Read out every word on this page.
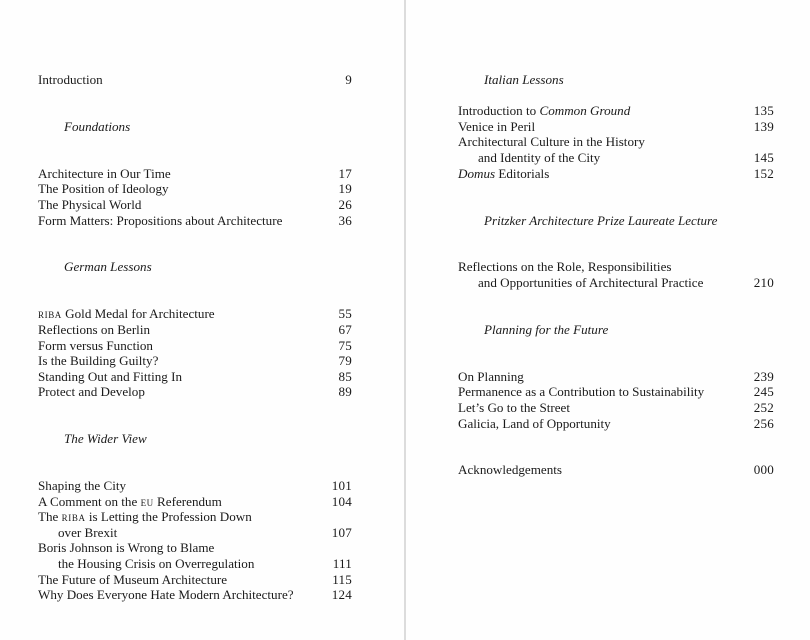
Introduction	9
Foundations
Architecture in Our Time	17
The Position of Ideology	19
The Physical World	26
Form Matters: Propositions about Architecture	36
German Lessons
riba Gold Medal for Architecture	55
Reflections on Berlin	67
Form versus Function	75
Is the Building Guilty?	79
Standing Out and Fitting In	85
Protect and Develop	89
The Wider View
Shaping the City	101
A Comment on the eu Referendum	104
The riba is Letting the Profession Down
over Brexit	107
Boris Johnson is Wrong to Blame
the Housing Crisis on Overregulation	111
The Future of Museum Architecture	115
Why Does Everyone Hate Modern Architecture?	124
Italian Lessons
Introduction to Common Ground	135
Venice in Peril	139
Architectural Culture in the History
and Identity of the City	145
Domus Editorials	152
Pritzker Architecture Prize Laureate Lecture
Reflections on the Role, Responsibilities
and Opportunities of Architectural Practice	210
Planning for the Future
On Planning	239
Permanence as a Contribution to Sustainability	245
Let’s Go to the Street	252
Galicia, Land of Opportunity	256
Acknowledgements	000
